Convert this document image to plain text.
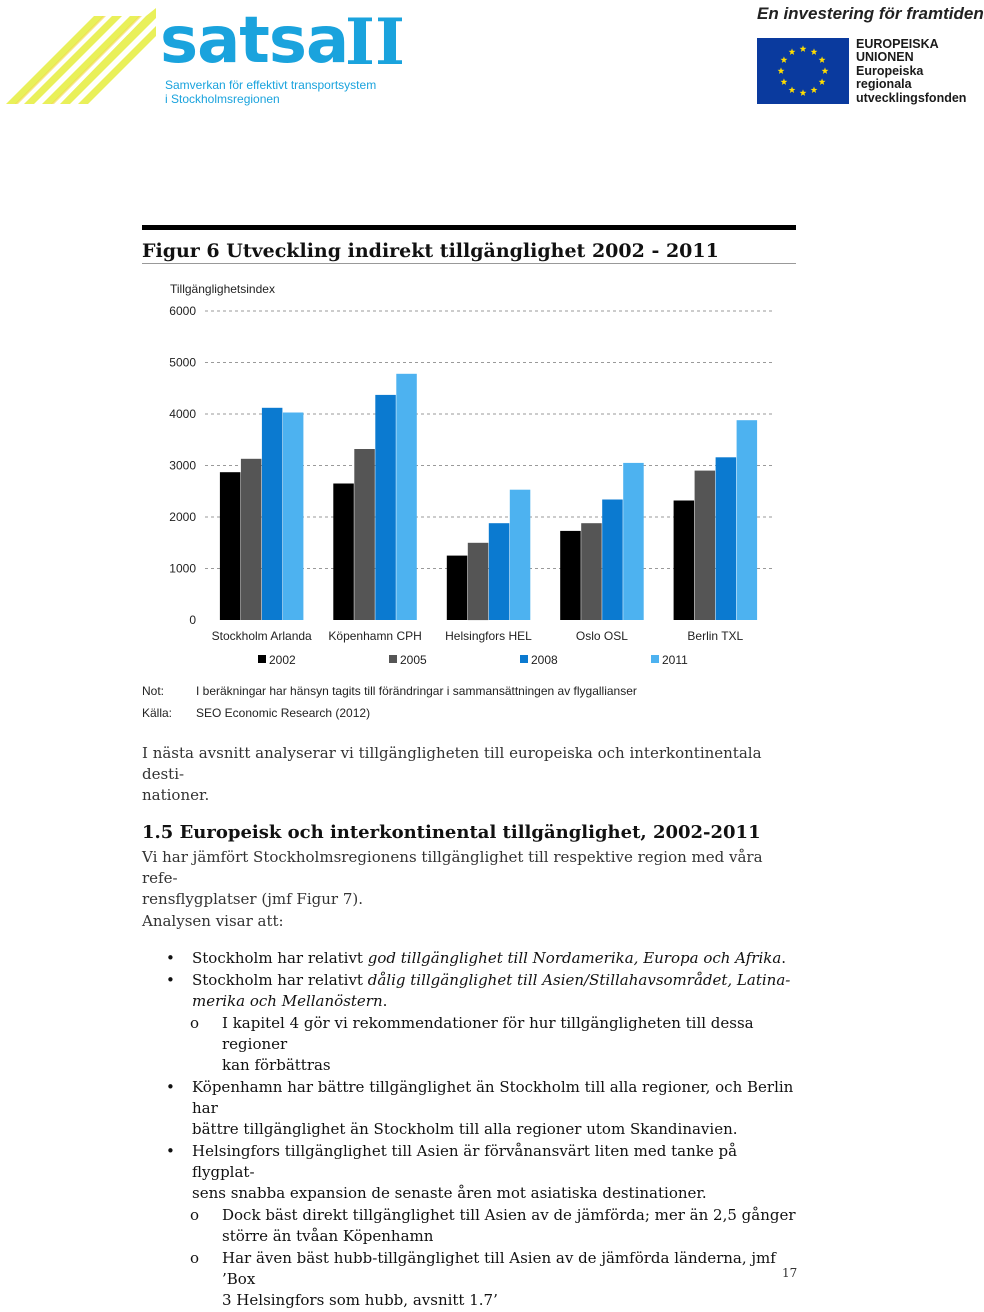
satsa
II
Samverkan för effektivt transportsystem
i Stockholmsregionen
En investering för framtiden
EUROPEISKA
UNIONEN
Europeiska
regionala
utvecklingsfonden
Figur 6 Utveckling indirekt tillgänglighet 2002 - 2011
Tillgänglighetsindex
0
1000
2000
3000
4000
5000
6000
Stockholm Arlanda Köpenhamn CPH Helsingfors HEL	Oslo OSL	Berlin TXL
2002	2005	2008	2011
Not:	I beräkningar har hänsyn tagits till förändringar i sammansättningen av flygallianser
Källa: SEO Economic Research (2012)
I nästa avsnitt analyserar vi tillgängligheten till europeiska och interkontinentala desti-
nationer.
1.5 Europeisk och interkontinental tillgänglighet, 2002-2011
Vi har jämfört Stockholmsregionens tillgänglighet till respektive region med våra refe-
rensflygplatser (jmf Figur 7).
Analysen visar att:
• Stockholm har relativt god tillgänglighet till Nordamerika, Europa och Afrika.
• Stockholm har relativt dålig tillgänglighet till Asien/Stillahavsområdet, Latina-
merika och Mellanöstern.
o I kapitel 4 gör vi rekommendationer för hur tillgängligheten till dessa regioner
kan förbättras
• Köpenhamn har bättre tillgänglighet än Stockholm till alla regioner, och Berlin har
bättre tillgänglighet än Stockholm till alla regioner utom Skandinavien.
• Helsingfors tillgänglighet till Asien är förvånansvärt liten med tanke på flygplat-
sens snabba expansion de senaste åren mot asiatiska destinationer.
o Dock bäst direkt tillgänglighet till Asien av de jämförda; mer än 2,5 gånger
större än tvåan Köpenhamn
o Har även bäst hubb-tillgänglighet till Asien av de jämförda länderna, jmf ’Box
3 Helsingfors som hubb, avsnitt 1.7’
17
